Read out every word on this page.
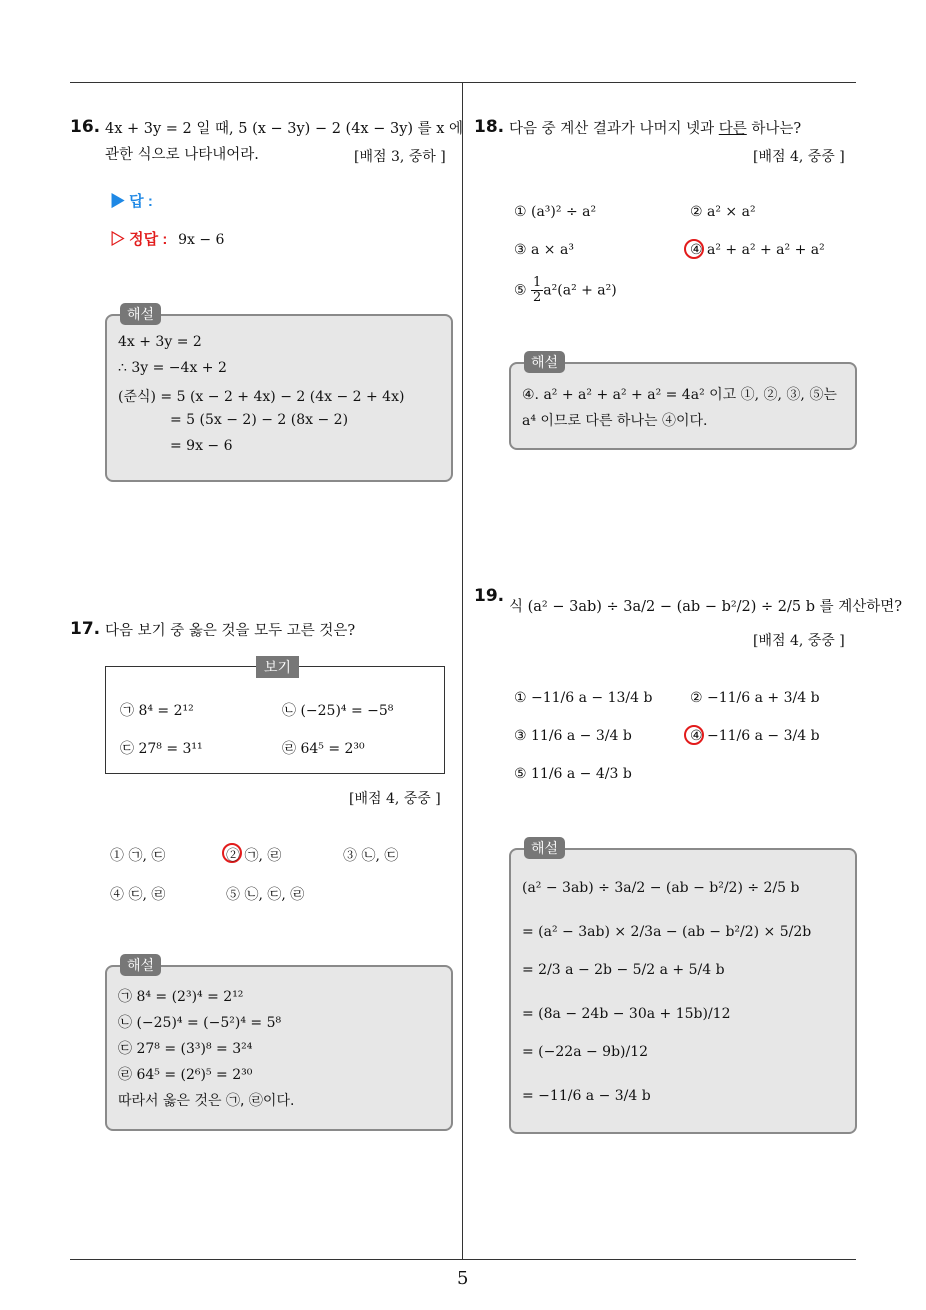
5
16. 4x + 3y = 2 일 때, 5 (x − 3y) − 2 (4x − 3y) 를 x 에
관한 식으로 나타내어라.	[배점 3, 중하 ]
▶ 답 :
▷ 정답 : 9x − 6
해설
4x + 3y = 2
∴ 3y = −4x + 2
(준식) = 5 (x − 2 + 4x) − 2 (4x − 2 + 4x)
= 5 (5x − 2) − 2 (8x − 2)
= 9x − 6
17. 다음 보기 중 옳은 것을 모두 고른 것은?
보기
㉠ 8⁴ = 2¹²	㉡ (−25)⁴ = −5⁸
㉢ 27⁸ = 3¹¹	㉣ 64⁵ = 2³⁰
[배점 4, 중중 ]
① ㉠, ㉢	② ㉠, ㉣	③ ㉡, ㉢
④ ㉢, ㉣	⑤ ㉡, ㉢, ㉣
해설
㉠ 8⁴ = (2³)⁴ = 2¹²
㉡ (−25)⁴ = (−5²)⁴ = 5⁸
㉢ 27⁸ = (3³)⁸ = 3²⁴
㉣ 64⁵ = (2⁶)⁵ = 2³⁰
따라서 옳은 것은 ㉠, ㉣이다.
18. 다음 중 계산 결과가 나머지 넷과 다른 하나는?
[배점 4, 중중 ]
① (a³)² ÷ a²	② a² × a²
③ a × a³	④ a² + a² + a² + a²
⑤ $\frac{1}{2} a^2(a^2 + a^2)$
해설
④. a² + a² + a² + a² = 4a² 이고 ①, ②, ③, ⑤는
a⁴ 이므로 다른 하나는 ④이다.
19.
식 (a² − 3ab) ÷ 3a/2 − (ab − b²/2) ÷ 2/5 b 를 계산하면?
[배점 4, 중중 ]
① −11/6 a − 13/4 b	② −11/6 a + 3/4 b
③ 11/6 a − 3/4 b	④ −11/6 a − 3/4 b
⑤ 11/6 a − 4/3 b
해설
(a² − 3ab) ÷ 3a/2 − (ab − b²/2) ÷ 2/5 b
= (a² − 3ab) × 2/3a − (ab − b²/2) × 5/2b
= 2/3 a − 2b − 5/2 a + 5/4 b
= (8a − 24b − 30a + 15b)/12
= (−22a − 9b)/12
= −11/6 a − 3/4 b
